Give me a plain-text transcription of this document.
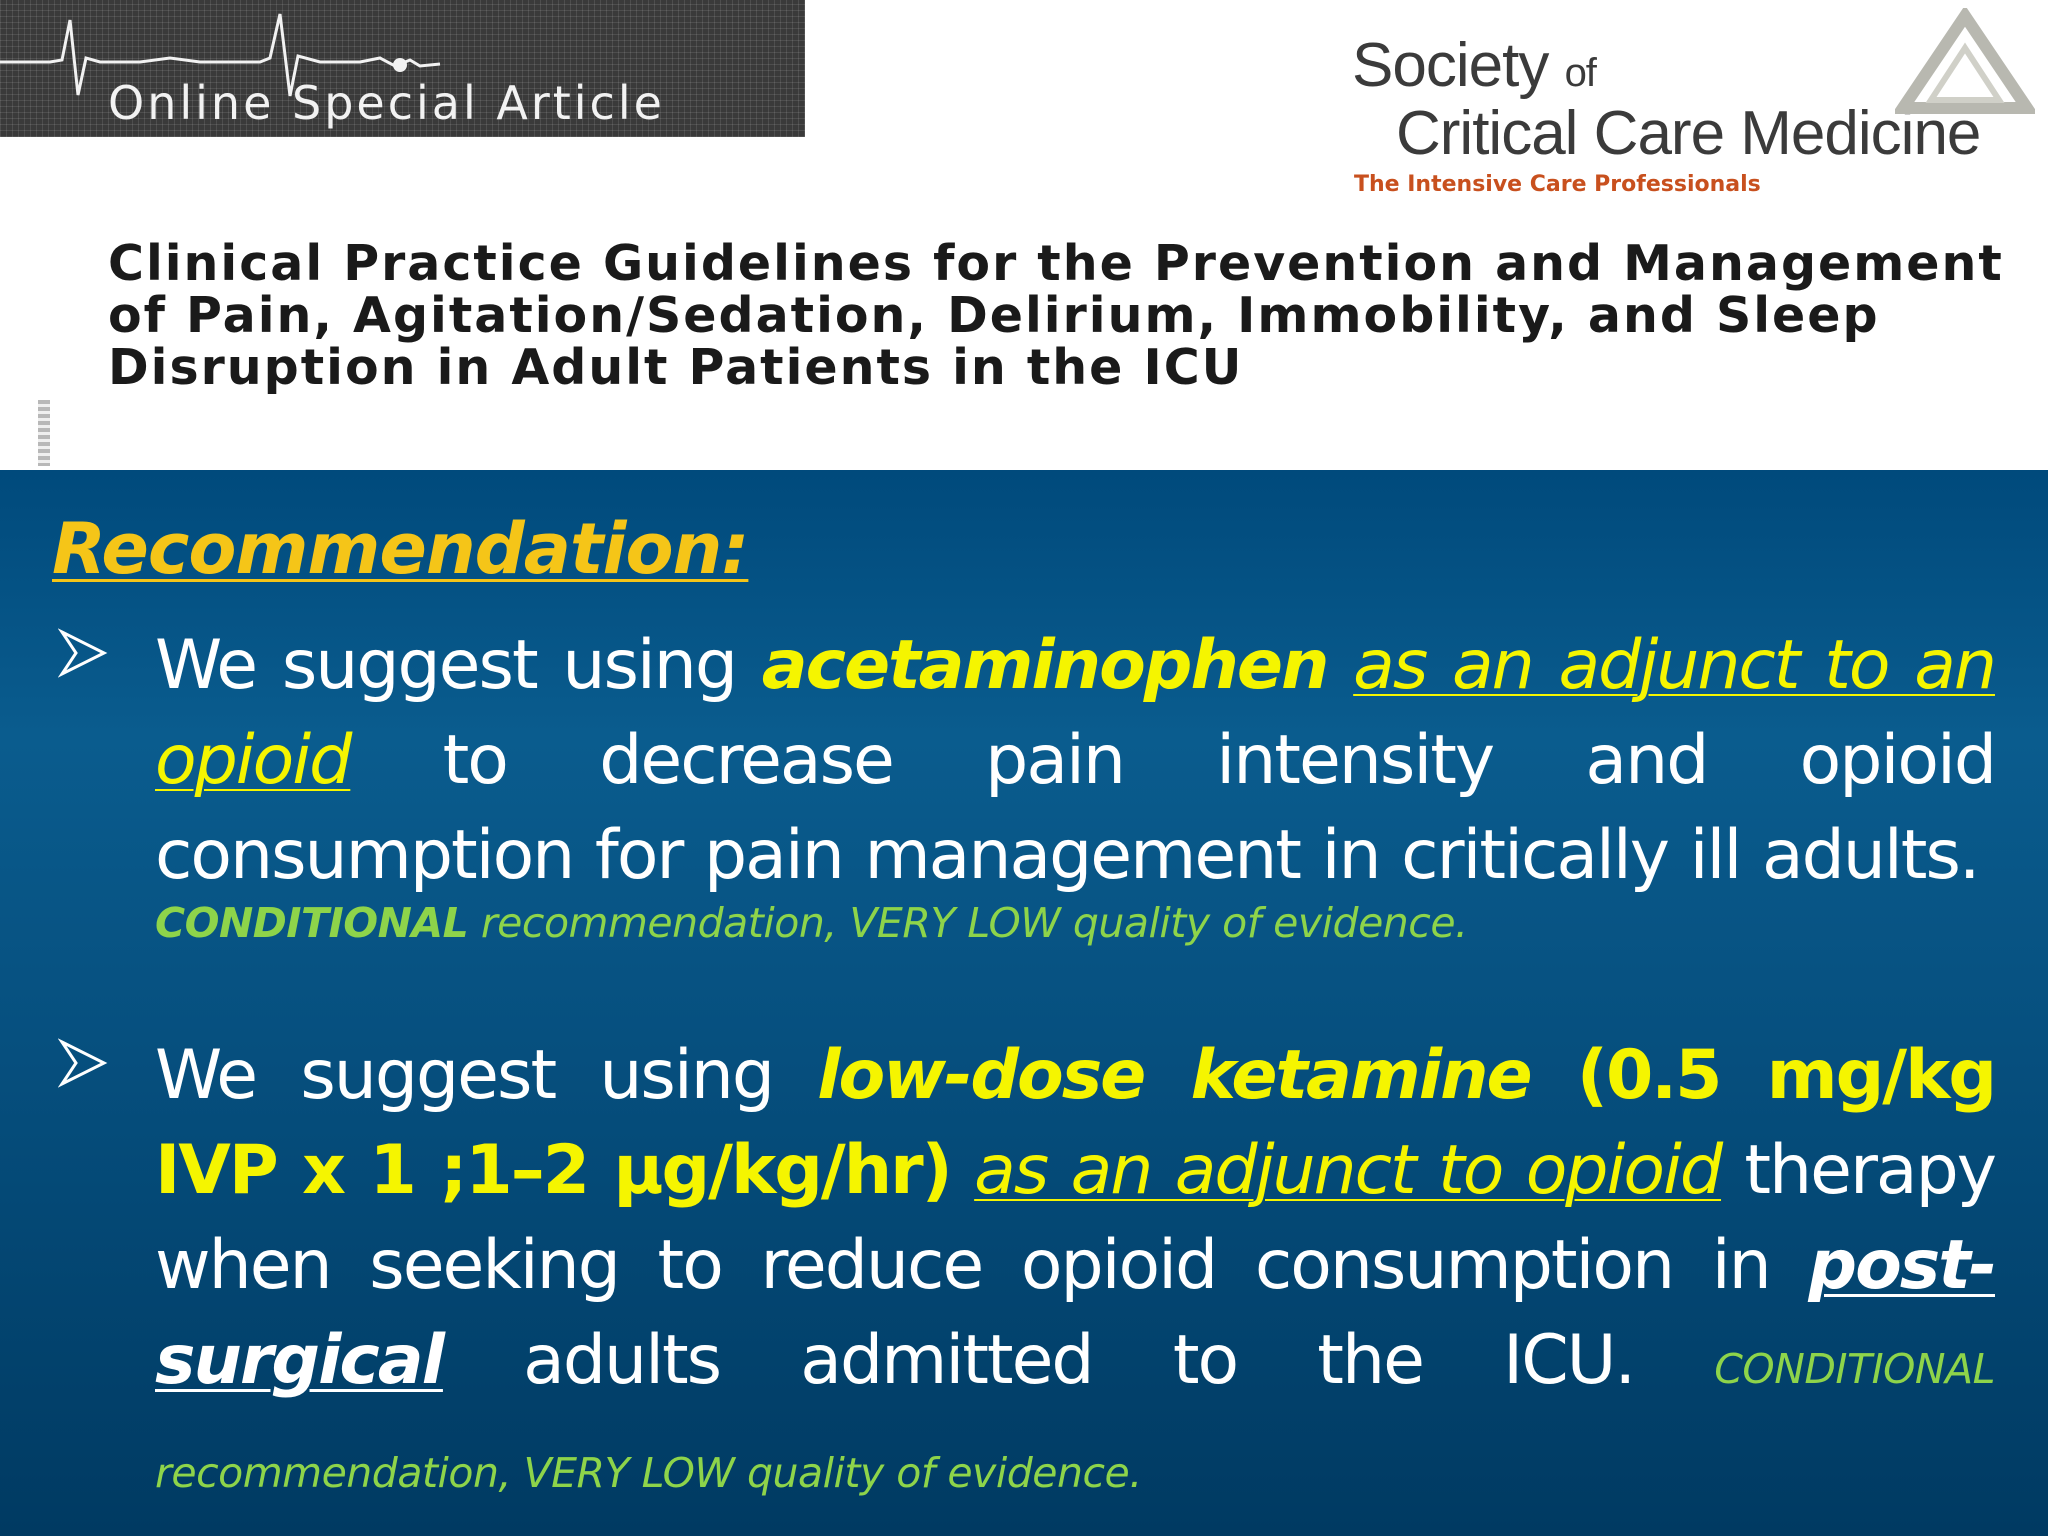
Online Special Article
Society of
Critical Care Medicine
The Intensive Care Professionals
Clinical Practice Guidelines for the Prevention and Management of Pain, Agitation/Sedation, Delirium, Immobility, and Sleep Disruption in Adult Patients in the ICU
Recommendation:

We suggest using acetaminophen as an adjunct to an opioid to decrease pain intensity and opioid consumption for pain management in critically ill adults.

CONDITIONAL recommendation, VERY LOW quality of evidence.

We suggest using low-dose ketamine (0.5 mg/kg IVP x 1 ;1–2 µg/kg/hr) as an adjunct to opioid therapy when seeking to reduce opioid consumption in post-surgical adults admitted to the ICU. CONDITIONAL recommendation, VERY LOW quality of evidence.
